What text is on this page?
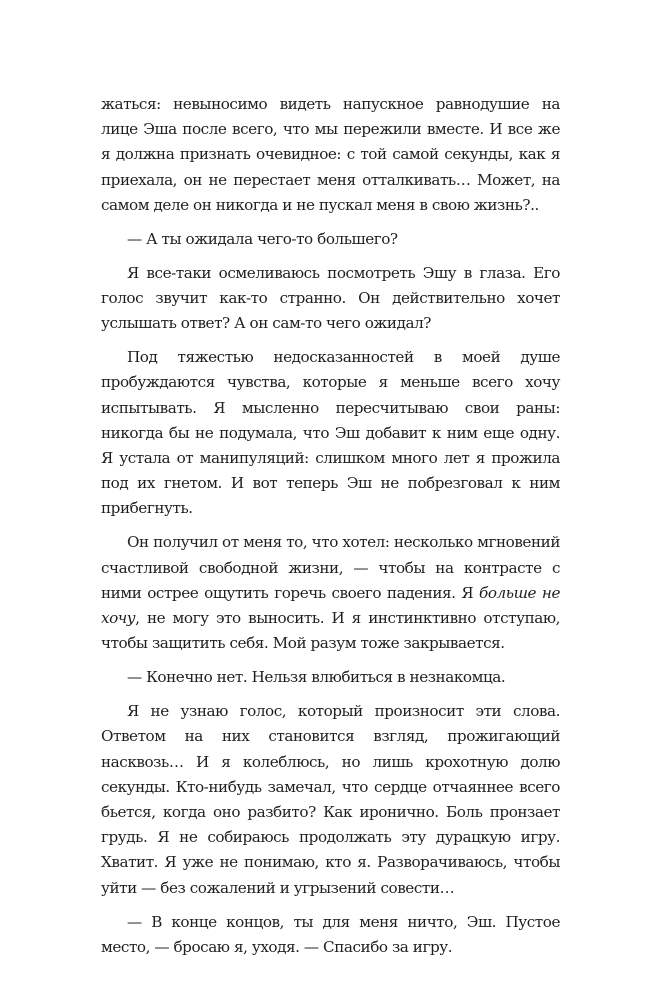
жаться: невыносимо видеть напускное равнодушие на лице Эша после всего, что мы пережили вместе. И все же я должна признать очевидное: с той самой секунды, как я приехала, он не перестает меня отталкивать… Может, на самом деле он никогда и не пускал меня в свою жизнь?..

— А ты ожидала чего-то большего?

Я все-таки осмеливаюсь посмотреть Эшу в глаза. Его голос звучит как-то странно. Он действительно хочет услышать ответ? А он сам-то чего ожидал?

Под тяжестью недосказанностей в моей душе пробуждаются чувства, которые я меньше всего хочу испытывать. Я мысленно пересчитываю свои раны: никогда бы не подумала, что Эш добавит к ним еще одну. Я устала от манипуляций: слишком много лет я прожила под их гнетом. И вот теперь Эш не побрезговал к ним прибегнуть.

Он получил от меня то, что хотел: несколько мгновений счастливой свободной жизни, — чтобы на контрасте с ними острее ощутить горечь своего падения. Я больше не хочу, не могу это выносить. И я инстинктивно отступаю, чтобы защитить себя. Мой разум тоже закрывается.

— Конечно нет. Нельзя влюбиться в незнакомца.

Я не узнаю голос, который произносит эти слова. Ответом на них становится взгляд, прожигающий насквозь… И я колеблюсь, но лишь крохотную долю секунды. Кто-нибудь замечал, что сердце отчаяннее всего бьется, когда оно разбито? Как иронично. Боль пронзает грудь. Я не собираюсь продолжать эту дурацкую игру. Хватит. Я уже не понимаю, кто я. Разворачиваюсь, чтобы уйти — без сожалений и угрызений совести…

— В конце концов, ты для меня ничто, Эш. Пустое место, — бросаю я, уходя. — Спасибо за игру.
